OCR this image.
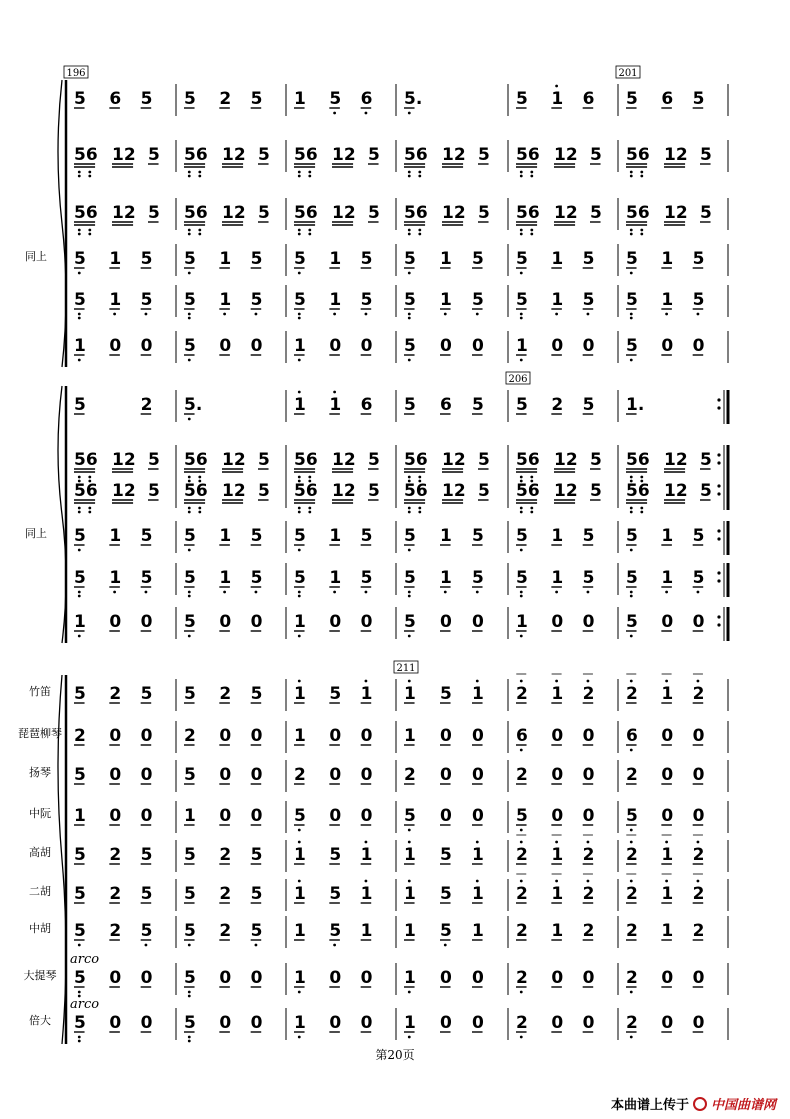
5 6 5 5 2 5 1 5 6 5.	5 1 6 5 6 5
56 12 5 56 12 5 56 12 5 56 12 5 56 12 5 56 12 5
56 12 5 56 12 5 56 12 5 56 12 5 56 12 5 56 12 5
同上 5 1 5 5 1 5 5 1 5 5 1 5 5 1 5 5 1 5
5 1 5 5 1 5 5 1 5 5 1 5 5 1 5 5 1 5
1 0 0 5 0 0 1 0 0 5 0 0 1 0 0 5 0 0
196	201
5	2 5.	1 1 6 5 6 5 5 2 5 1.
56 12 5 56 12 5 56 12 5 56 12 5 56 12 5 56 12 5
56 12 5 56 12 5 56 12 5 56 12 5 56 12 5 56 12 5
同上 5 1 5 5 1 5 5 1 5 5 1 5 5 1 5 5 1 5
5 1 5 5 1 5 5 1 5 5 1 5 5 1 5 5 1 5
1 0 0 5 0 0 1 0 0 5 0 0 1 0 0 5 0 0
206
竹笛 5 2 5 5 2 5 1 5 1 1 5 1 2 1 2 2 1 2
琵琶柳琴 2 0 0 2 0 0 1 0 0 1 0 0 6 0 0 6 0 0
扬琴 5 0 0 5 0 0 2 0 0 2 0 0 2 0 0 2 0 0
中阮 1 0 0 1 0 0 5 0 0 5 0 0 5 0 0 5 0 0
高胡 5 2 5 5 2 5 1 5 1 1 5 1 2 1 2 2 1 2
二胡 5 2 5 5 2 5 1 5 1 1 5 1 2 1 2 2 1 2
中胡 5 2 5 5 2 5 1 5 1 1 5 1 2 1 2 2 1 2
大提琴
arco
5 0 0 5 0 0 1 0 0 1 0 0 2 0 0 2 0 0
倍大
arco
5 0 0 5 0 0 1 0 0 1 0 0 2 0 0 2 0 0
211
第20页
本曲谱上传于 中国曲谱网
